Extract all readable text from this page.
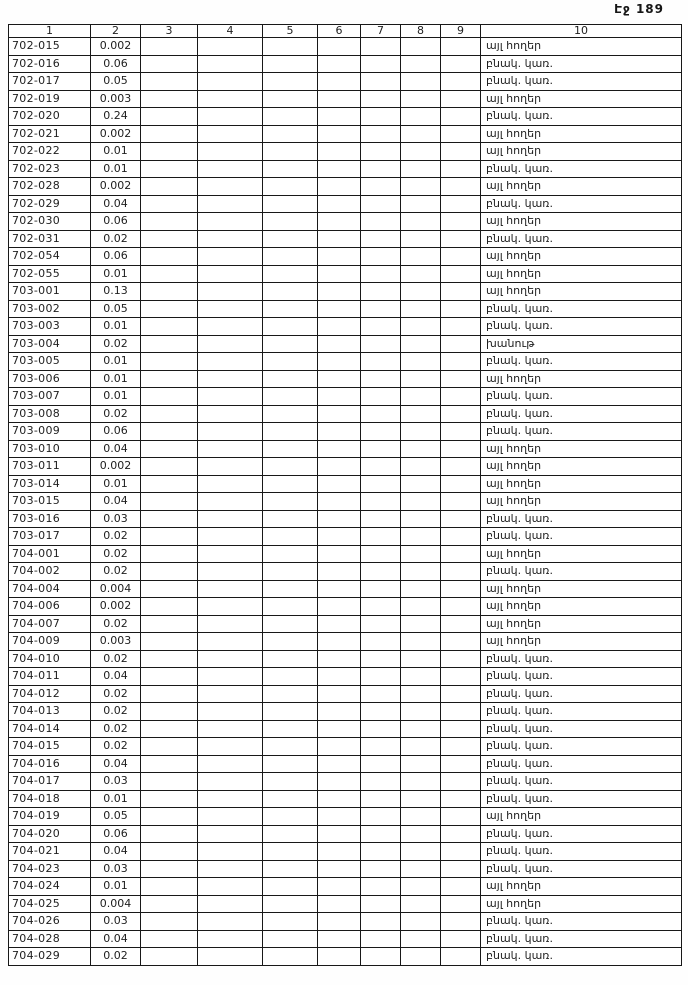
Էջ 189
1	2	3	4	5	6	7	8	9	10
702-015	0.002								այլ հողեր
702-016	0.06								բնակ. կառ.
702-017	0.05								բնակ. կառ.
702-019	0.003								այլ հողեր
702-020	0.24								բնակ. կառ.
702-021	0.002								այլ հողեր
702-022	0.01								այլ հողեր
702-023	0.01								բնակ. կառ.
702-028	0.002								այլ հողեր
702-029	0.04								բնակ. կառ.
702-030	0.06								այլ հողեր
702-031	0.02								բնակ. կառ.
702-054	0.06								այլ հողեր
702-055	0.01								այլ հողեր
703-001	0.13								այլ հողեր
703-002	0.05								բնակ. կառ.
703-003	0.01								բնակ. կառ.
703-004	0.02								խանութ
703-005	0.01								բնակ. կառ.
703-006	0.01								այլ հողեր
703-007	0.01								բնակ. կառ.
703-008	0.02								բնակ. կառ.
703-009	0.06								բնակ. կառ.
703-010	0.04								այլ հողեր
703-011	0.002								այլ հողեր
703-014	0.01								այլ հողեր
703-015	0.04								այլ հողեր
703-016	0.03								բնակ. կառ.
703-017	0.02								բնակ. կառ.
704-001	0.02								այլ հողեր
704-002	0.02								բնակ. կառ.
704-004	0.004								այլ հողեր
704-006	0.002								այլ հողեր
704-007	0.02								այլ հողեր
704-009	0.003								այլ հողեր
704-010	0.02								բնակ. կառ.
704-011	0.04								բնակ. կառ.
704-012	0.02								բնակ. կառ.
704-013	0.02								բնակ. կառ.
704-014	0.02								բնակ. կառ.
704-015	0.02								բնակ. կառ.
704-016	0.04								բնակ. կառ.
704-017	0.03								բնակ. կառ.
704-018	0.01								բնակ. կառ.
704-019	0.05								այլ հողեր
704-020	0.06								բնակ. կառ.
704-021	0.04								բնակ. կառ.
704-023	0.03								բնակ. կառ.
704-024	0.01								այլ հողեր
704-025	0.004								այլ հողեր
704-026	0.03								բնակ. կառ.
704-028	0.04								բնակ. կառ.
704-029	0.02								բնակ. կառ.
